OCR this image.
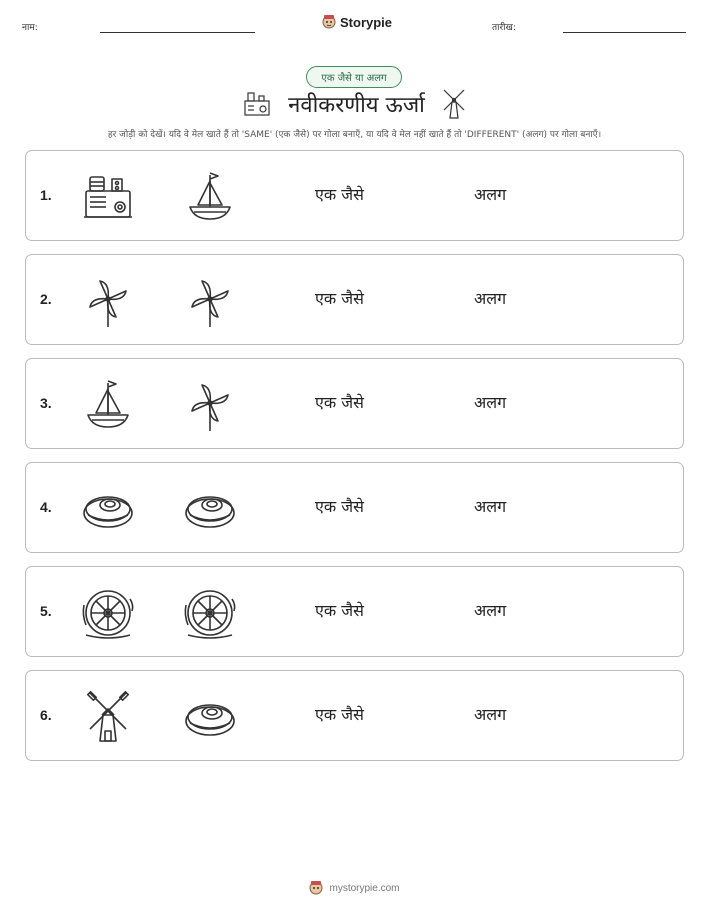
नाम:	Storypie	तारीख:
एक जैसे या अलग
नवीकरणीय ऊर्जा
हर जोड़ी को देखें। यदि वे मेल खाते हैं तो 'SAME' (एक जैसे) पर गोला बनाएँ, या यदि वे मेल नहीं खाते हैं तो 'DIFFERENT' (अलग) पर गोला बनाएँ।
1.	एक जैसे	अलग
2.	एक जैसे	अलग
3.	एक जैसे	अलग
4.	एक जैसे	अलग
5.	एक जैसे	अलग
6.	एक जैसे	अलग
mystorypie.com
